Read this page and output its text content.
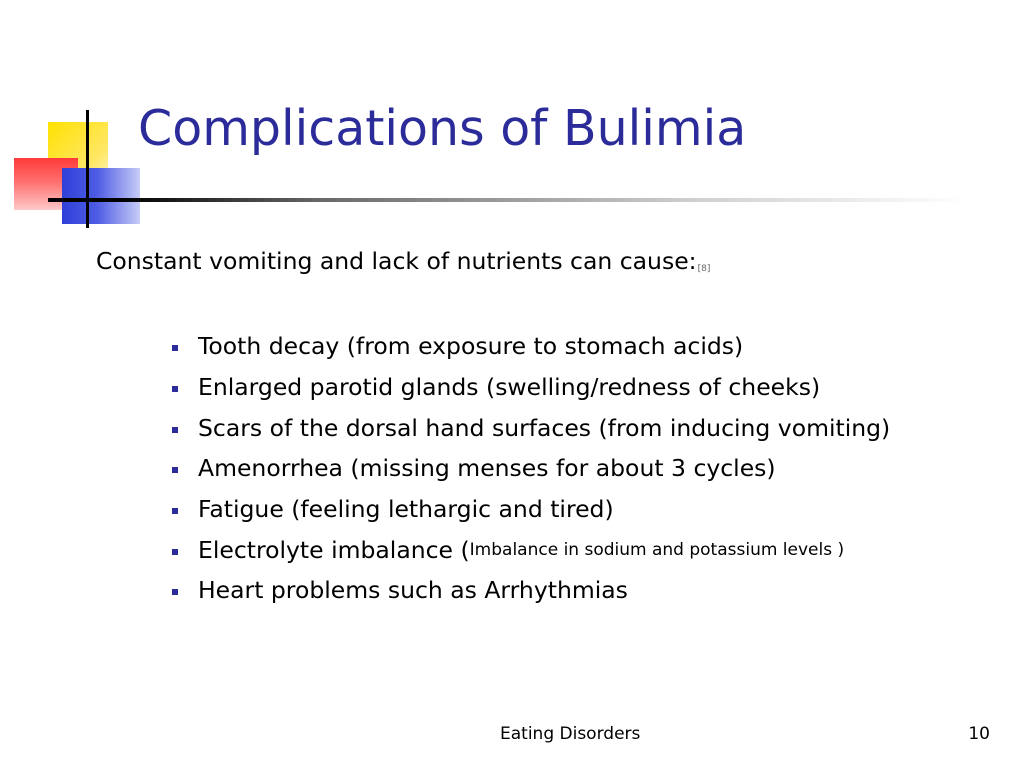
Complications of Bulimia
Constant vomiting and lack of nutrients can cause:[8]
Tooth decay (from exposure to stomach acids)
Enlarged parotid glands (swelling/redness of cheeks)
Scars of the dorsal hand surfaces (from inducing vomiting)
Amenorrhea (missing menses for about 3 cycles)
Fatigue (feeling lethargic and tired)
Electrolyte imbalance ( Imbalance in sodium and potassium levels )
Heart problems such as Arrhythmias
Eating Disorders	10
